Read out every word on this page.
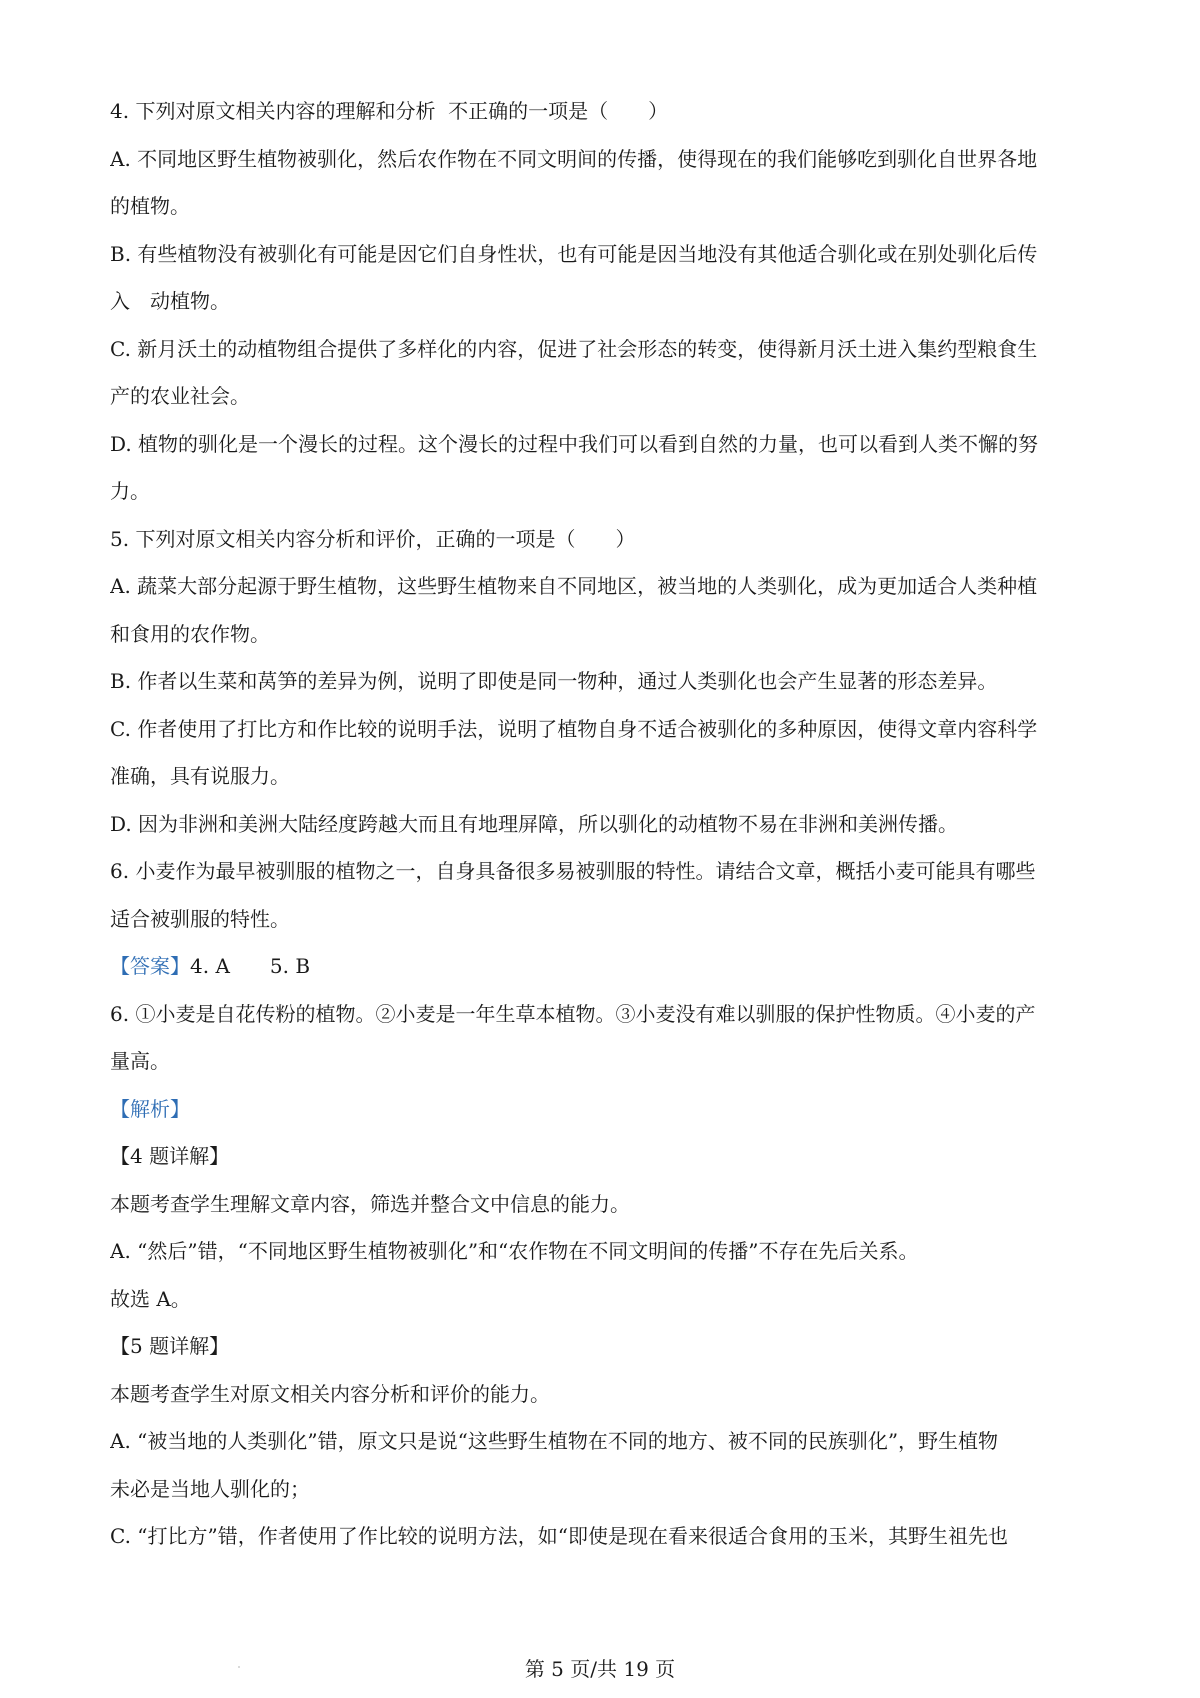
4. 下列对原文相关内容的理解和分析  不正确的一项是（　　）

A. 不同地区野生植物被驯化，然后农作物在不同文明间的传播，使得现在的我们能够吃到驯化自世界各地

的植物。

B. 有些植物没有被驯化有可能是因它们自身性状，也有可能是因当地没有其他适合驯化或在别处驯化后传

入　动植物。

C. 新月沃土的动植物组合提供了多样化的内容，促进了社会形态的转变，使得新月沃土进入集约型粮食生

产的农业社会。

D. 植物的驯化是一个漫长的过程。这个漫长的过程中我们可以看到自然的力量，也可以看到人类不懈的努

力。

5. 下列对原文相关内容分析和评价，正确的一项是（　　）

A. 蔬菜大部分起源于野生植物，这些野生植物来自不同地区，被当地的人类驯化，成为更加适合人类种植

和食用的农作物。

B. 作者以生菜和莴笋的差异为例，说明了即使是同一物种，通过人类驯化也会产生显著的形态差异。

C. 作者使用了打比方和作比较的说明手法，说明了植物自身不适合被驯化的多种原因，使得文章内容科学

准确，具有说服力。

D. 因为非洲和美洲大陆经度跨越大而且有地理屏障，所以驯化的动植物不易在非洲和美洲传播。

6. 小麦作为最早被驯服的植物之一，自身具备很多易被驯服的特性。请结合文章，概括小麦可能具有哪些

适合被驯服的特性。

【答案】4. A　　5. B

6. ①小麦是自花传粉的植物。②小麦是一年生草本植物。③小麦没有难以驯服的保护性物质。④小麦的产

量高。

【解析】

【4 题详解】

本题考查学生理解文章内容，筛选并整合文中信息的能力。

A. “然后”错，“不同地区野生植物被驯化”和“农作物在不同文明间的传播”不存在先后关系。

故选 A。

【5 题详解】

本题考查学生对原文相关内容分析和评价的能力。

A. “被当地的人类驯化”错，原文只是说“这些野生植物在不同的地方、被不同的民族驯化”，野生植物

未必是当地人驯化的；

C. “打比方”错，作者使用了作比较的说明方法，如“即使是现在看来很适合食用的玉米，其野生祖先也

第 5 页/共 19 页
